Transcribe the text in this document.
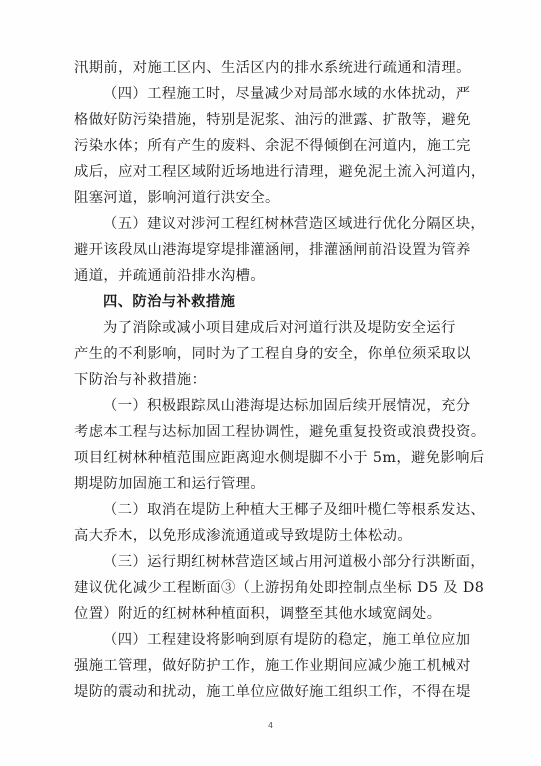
汛期前，对施工区内、生活区内的排水系统进行疏通和清理。
（四）工程施工时，尽量减少对局部水域的水体扰动，严
格做好防污染措施，特别是泥浆、油污的泄露、扩散等，避免
污染水体；所有产生的废料、余泥不得倾倒在河道内，施工完
成后，应对工程区域附近场地进行清理，避免泥土流入河道内，
阻塞河道，影响河道行洪安全。
（五）建议对涉河工程红树林营造区域进行优化分隔区块，
避开该段凤山港海堤穿堤排灌涵闸，排灌涵闸前沿设置为管养
通道，并疏通前沿排水沟槽。
四、防治与补救措施
为了消除或减小项目建成后对河道行洪及堤防安全运行
产生的不利影响，同时为了工程自身的安全，你单位须采取以
下防治与补救措施：
（一）积极跟踪凤山港海堤达标加固后续开展情况，充分
考虑本工程与达标加固工程协调性，避免重复投资或浪费投资。
项目红树林种植范围应距离迎水侧堤脚不小于 5m，避免影响后
期堤防加固施工和运行管理。
（二）取消在堤防上种植大王椰子及细叶榄仁等根系发达、
高大乔木，以免形成渗流通道或导致堤防土体松动。
（三）运行期红树林营造区域占用河道极小部分行洪断面，
建议优化减少工程断面③（上游拐角处即控制点坐标 D5 及 D8
位置）附近的红树林种植面积，调整至其他水域宽阔处。
（四）工程建设将影响到原有堤防的稳定，施工单位应加
强施工管理，做好防护工作，施工作业期间应减少施工机械对
堤防的震动和扰动，施工单位应做好施工组织工作，不得在堤
4
